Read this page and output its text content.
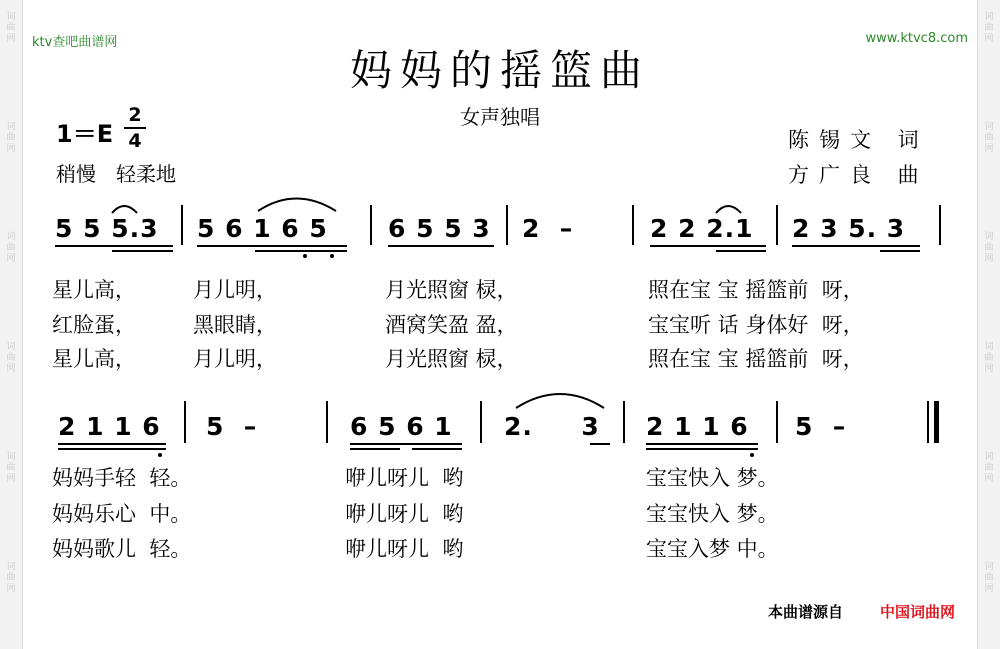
词
曲
网
词
曲
网
词
曲
网
词
曲
网
词
曲
网
词
曲
网
词
曲
网
词
曲
网
词
曲
网
词
曲
网
词
曲
网
词
曲
网
ktv查吧曲谱网	www.ktvc8.com
妈妈的摇篮曲
女声独唱
1＝E
2
4
稍慢　轻柔地
陈锡文 词
方广良 曲
5 5 5.3 5 6 1 6 5 6 5 5 3 2  –	2 2 2.1 2 3 5. 3
星儿高，	月儿明，	月光照窗 棂，	照在宝 宝 摇篮前  呀，
红脸蛋，	黑眼睛，	酒窝笑盈 盈，	宝宝听 话 身体好  呀，
星儿高，	月儿明，	月光照窗 棂，	照在宝 宝 摇篮前  呀，
2 1 1 6 5  –	6 5 6 1 2.     3 2 1 1 6 5  –
妈妈手轻  轻。	咿儿呀儿  哟	宝宝快入 梦。
妈妈乐心  中。	咿儿呀儿  哟	宝宝快入 梦。
妈妈歌儿  轻。	咿儿呀儿  哟	宝宝入梦 中。
本曲谱源自 中国词曲网
